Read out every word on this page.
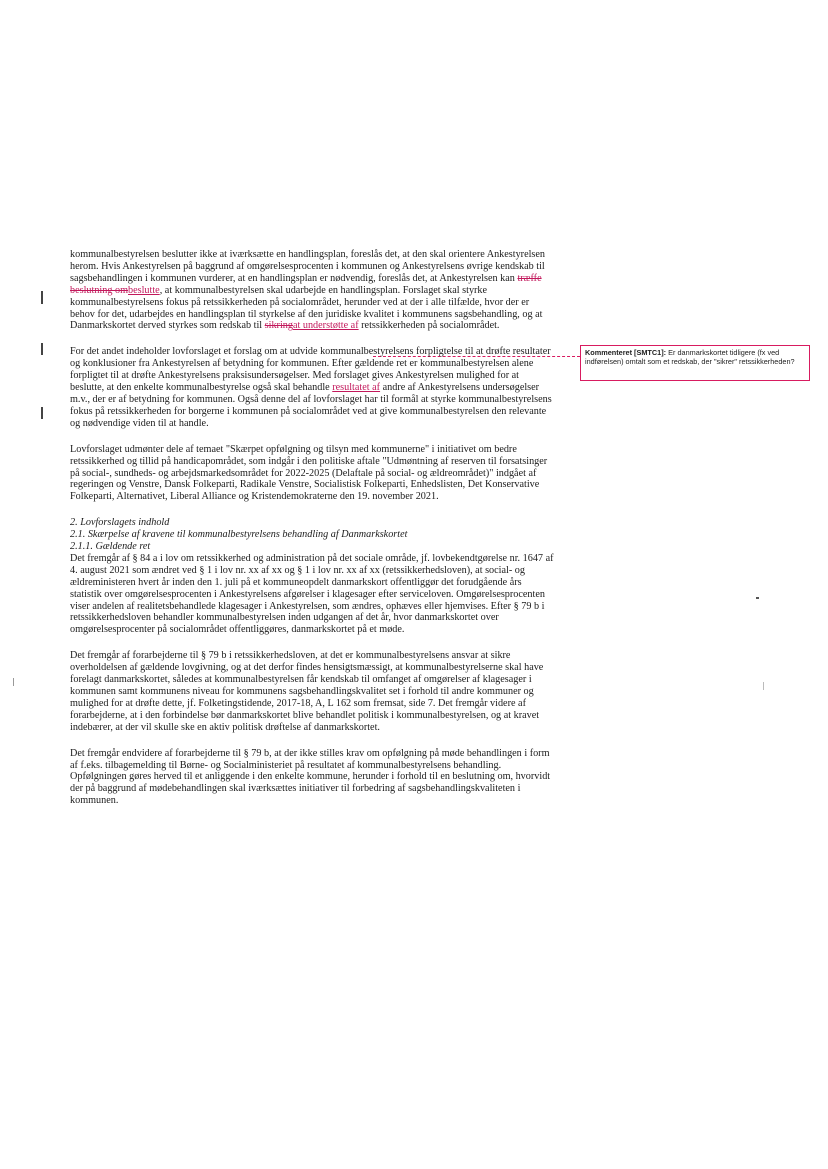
Kommenteret [SMTC1]: Er danmarkskortet tidligere (fx ved indførelsen) omtalt som et redskab, der "sikrer" retssikkerheden?

kommunalbestyrelsen beslutter ikke at iværksætte en handlingsplan, foreslås det, at den skal orientere Ankestyrelsen herom. Hvis Ankestyrelsen på baggrund af omgørelsesprocenten i kommunen og Ankestyrelsens øvrige kendskab til sagsbehandlingen i kommunen vurderer, at en handlingsplan er nødvendig, foreslås det, at Ankestyrelsen kan træffe beslutning ombeslutte, at kommunalbestyrelsen skal udarbejde en handlingsplan. Forslaget skal styrke kommunalbestyrelsens fokus på retssikkerheden på socialområdet, herunder ved at der i alle tilfælde, hvor der er behov for det, udarbejdes en handlingsplan til styrkelse af den juridiske kvalitet i kommunens sagsbehandling, og at Danmarkskortet derved styrkes som redskab til sikringat understøtte af retssikkerheden på socialområdet.

For det andet indeholder lovforslaget et forslag om at udvide kommunalbestyrelsens forpligtelse til at drøfte resultater og konklusioner fra Ankestyrelsen af betydning for kommunen. Efter gældende ret er kommunalbestyrelsen alene forpligtet til at drøfte Ankestyrelsens praksisundersøgelser. Med forslaget gives Ankestyrelsen mulighed for at beslutte, at den enkelte kommunalbestyrelse også skal behandle resultatet af andre af Ankestyrelsens undersøgelser m.v., der er af betydning for kommunen. Også denne del af lovforslaget har til formål at styrke kommunalbestyrelsens fokus på retssikkerheden for borgerne i kommunen på socialområdet ved at give kommunalbestyrelsen den relevante og nødvendige viden til at handle.

Lovforslaget udmønter dele af temaet "Skærpet opfølgning og tilsyn med kommunerne" i initiativet om bedre retssikkerhed og tillid på handicapområdet, som indgår i den politiske aftale "Udmøntning af reserven til forsatsinger på social-, sundheds- og arbejdsmarkedsområdet for 2022-2025 (Delaftale på social- og ældreområdet)" indgået af regeringen og Venstre, Dansk Folkeparti, Radikale Venstre, Socialistisk Folkeparti, Enhedslisten, Det Konservative Folkeparti, Alternativet, Liberal Alliance og Kristendemokraterne den 19. november 2021.

2. Lovforslagets indhold

2.1. Skærpelse af kravene til kommunalbestyrelsens behandling af Danmarkskortet

2.1.1. Gældende ret

Det fremgår af § 84 a i lov om retssikkerhed og administration på det sociale område, jf. lovbekendtgørelse nr. 1647 af 4. august 2021 som ændret ved § 1 i lov nr. xx af xx og § 1 i lov nr. xx af xx (retssikkerhedsloven), at social- og ældreministeren hvert år inden den 1. juli på et kommuneopdelt danmarkskort offentliggør det forudgående års statistik over omgørelsesprocenten i Ankestyrelsens afgørelser i klagesager efter serviceloven. Omgørelsesprocenten viser andelen af realitetsbehandlede klagesager i Ankestyrelsen, som ændres, ophæves eller hjemvises. Efter § 79 b i retssikkerhedsloven behandler kommunalbestyrelsen inden udgangen af det år, hvor danmarkskortet over omgørelsesprocenter på socialområdet offentliggøres, danmarkskortet på et møde.

Det fremgår af forarbejderne til § 79 b i retssikkerhedsloven, at det er kommunalbestyrelsens ansvar at sikre overholdelsen af gældende lovgivning, og at det derfor findes hensigtsmæssigt, at kommunalbestyrelserne skal have forelagt danmarkskortet, således at kommunalbestyrelsen får kendskab til omfanget af omgørelser af klagesager i kommunen samt kommunens niveau for kommunens sagsbehandlingskvalitet set i forhold til andre kommuner og mulighed for at drøfte dette, jf. Folketingstidende, 2017-18, A, L 162 som fremsat, side 7. Det fremgår videre af forarbejderne, at i den forbindelse bør danmarkskortet blive behandlet politisk i kommunalbestyrelsen, og at kravet indebærer, at der vil skulle ske en aktiv politisk drøftelse af danmarkskortet.

Det fremgår endvidere af forarbejderne til § 79 b, at der ikke stilles krav om opfølgning på møde behandlingen i form af f.eks. tilbagemelding til Børne- og Socialministeriet på resultatet af kommunalbestyrelsens behandling. Opfølgningen gøres herved til et anliggende i den enkelte kommune, herunder i forhold til en beslutning om, hvorvidt der på baggrund af mødebehandlingen skal iværksættes initiativer til forbedring af sagsbehandlingskvaliteten i kommunen.
